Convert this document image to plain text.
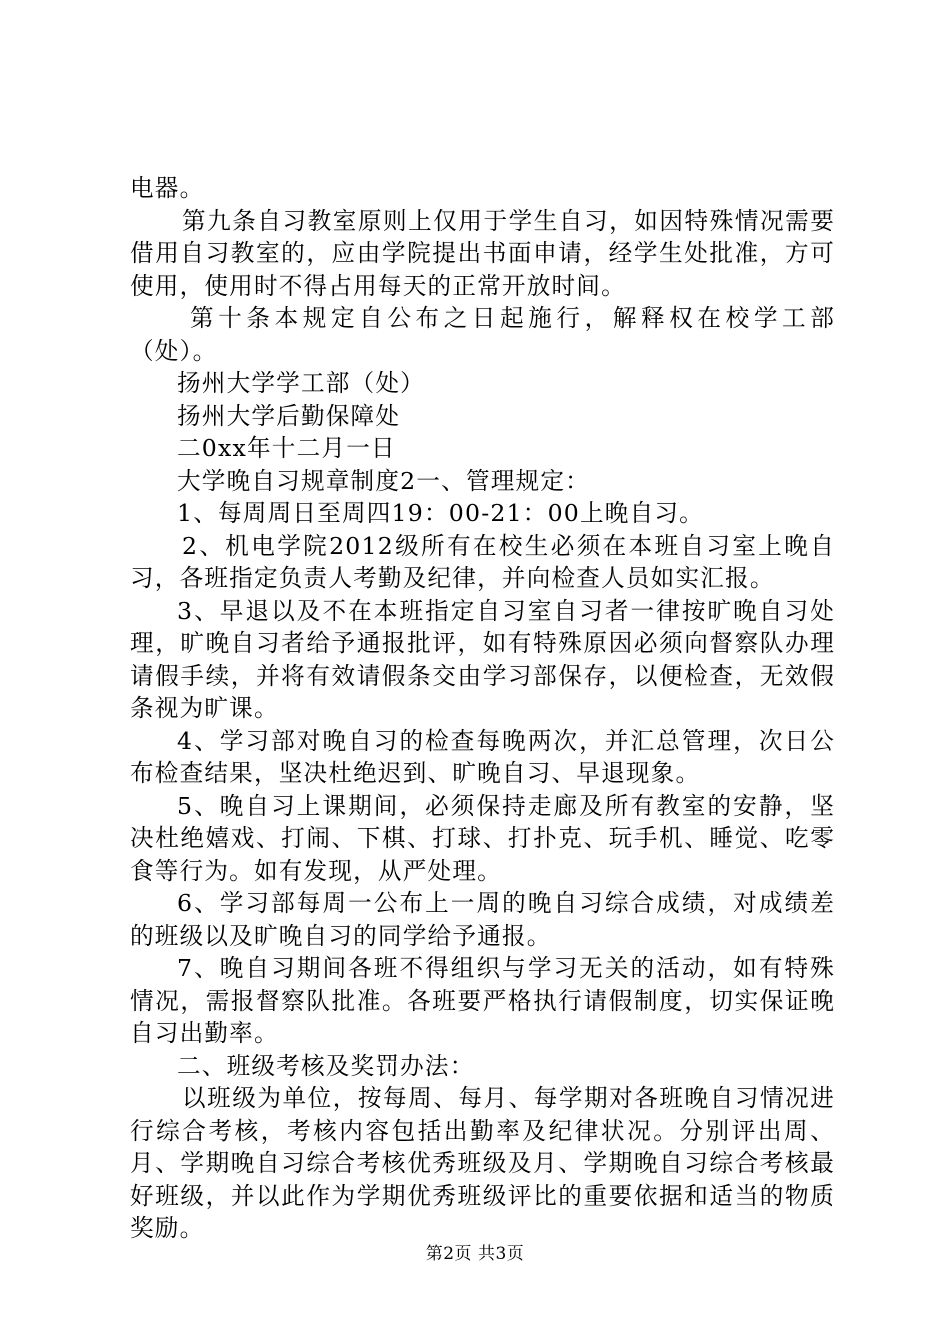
电器。

第九条自习教室原则上仅用于学生自习，如因特殊情况需要借用自习教室的，应由学院提出书面申请，经学生处批准，方可使用，使用时不得占用每天的正常开放时间。

第十条本规定自公布之日起施行，解释权在校学工部（处）。

扬州大学学工部（处）

扬州大学后勤保障处

二0xx年十二月一日

大学晚自习规章制度2一、管理规定：

1、每周周日至周四19：00-21：00上晚自习。

2、机电学院2012级所有在校生必须在本班自习室上晚自习，各班指定负责人考勤及纪律，并向检查人员如实汇报。

3、早退以及不在本班指定自习室自习者一律按旷晚自习处理，旷晚自习者给予通报批评，如有特殊原因必须向督察队办理请假手续，并将有效请假条交由学习部保存，以便检查，无效假条视为旷课。

4、学习部对晚自习的检查每晚两次，并汇总管理，次日公布检查结果，坚决杜绝迟到、旷晚自习、早退现象。

5、晚自习上课期间，必须保持走廊及所有教室的安静，坚决杜绝嬉戏、打闹、下棋、打球、打扑克、玩手机、睡觉、吃零食等行为。如有发现，从严处理。

6、学习部每周一公布上一周的晚自习综合成绩，对成绩差的班级以及旷晚自习的同学给予通报。

7、晚自习期间各班不得组织与学习无关的活动，如有特殊情况，需报督察队批准。各班要严格执行请假制度，切实保证晚自习出勤率。

二、班级考核及奖罚办法：

以班级为单位，按每周、每月、每学期对各班晚自习情况进行综合考核，考核内容包括出勤率及纪律状况。分别评出周、月、学期晚自习综合考核优秀班级及月、学期晚自习综合考核最好班级，并以此作为学期优秀班级评比的重要依据和适当的物质奖励。

第2页 共3页
